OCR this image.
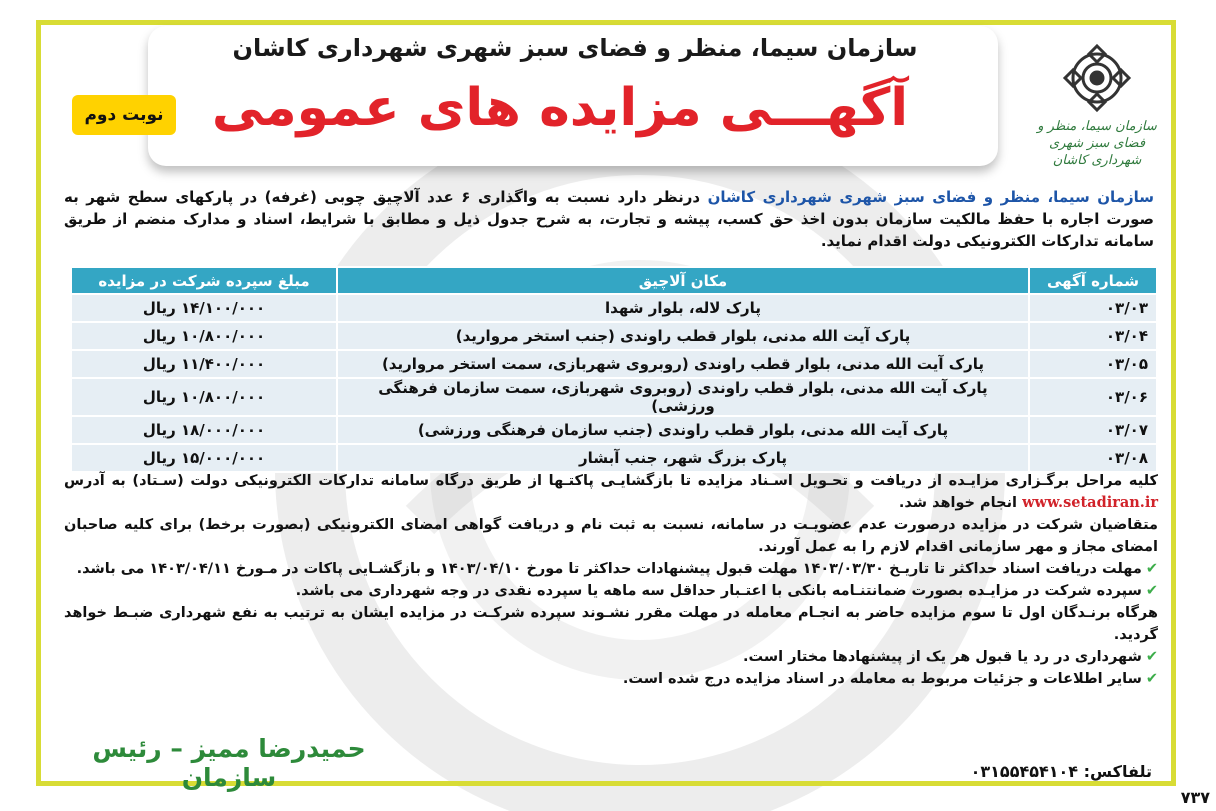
سازمان سیما، منظر و فضای سبز شهری شهرداری کاشان
آگهـــی مزایده های عمومی
نوبت دوم
سازمان سیما، منظر و فضای سبز شهری
شهرداری کاشان
سازمان سیما، منظر و فضای سبز شهری شهرداری کاشان درنظر دارد نسبت به واگذاری ۶ عدد آلاچیق چوبی (غرفه) در پارکهای سطح شهر به صورت اجاره با حفظ مالکیت سازمان بدون اخذ حق کسب، پیشه و تجارت، به شرح جدول ذیل و مطابق با شرایط، اسناد و مدارک منضم از طریق سامانه تدارکات الکترونیکی دولت اقدام نماید.
شماره آگهی	مکان آلاچیق	مبلغ سپرده شرکت در مزایده
۰۳/۰۳	پارک لاله، بلوار شهدا	۱۴/۱۰۰/۰۰۰ ریال
۰۳/۰۴	پارک آیت الله مدنی، بلوار قطب راوندی (جنب استخر مروارید)	۱۰/۸۰۰/۰۰۰ ریال
۰۳/۰۵	پارک آیت الله مدنی، بلوار قطب راوندی (روبروی شهربازی، سمت استخر مروارید)	۱۱/۴۰۰/۰۰۰ ریال
۰۳/۰۶	پارک آیت الله مدنی، بلوار قطب راوندی (روبروی شهربازی، سمت سازمان فرهنگی ورزشی)	۱۰/۸۰۰/۰۰۰ ریال
۰۳/۰۷	پارک آیت الله مدنی، بلوار قطب راوندی (جنب سازمان فرهنگی ورزشی)	۱۸/۰۰۰/۰۰۰ ریال
۰۳/۰۸	پارک بزرگ شهر، جنب آبشار	۱۵/۰۰۰/۰۰۰ ریال

کلیه مراحل برگـزاری مزایـده از دریافت و تحـویل اسـناد مزایده تا بازگشایـی پاکتـها از طریق درگاه سامانه تدارکات الکترونیکی دولت (سـتاد) به آدرس www.setadiran.ir انجام خواهد شد.

متقاضیان شرکت در مزایده درصورت عدم عضویـت در سامانه، نسبت به ثبت نام و دریافت گواهی امضای الکترونیکی (بصورت برخط) برای کلیه صاحبان امضای مجاز و مهر سازمانی اقدام لازم را به عمل آورند.

✔مهلت دریافت اسناد حداکثر تا تاریـخ ۱۴۰۳/۰۳/۳۰ مهلت قبول پیشنهادات حداکثر تا مورخ ۱۴۰۳/۰۴/۱۰ و بازگشـایی پاکات در مـورخ ۱۴۰۳/۰۴/۱۱ می باشد.

✔سپرده شرکت در مزایـده بصورت ضمانتنـامه بانکی با اعتـبار حداقل سه ماهه یا سپرده نقدی در وجه شهرداری می باشد.

هرگاه برنـدگان اول تا سوم مزایده حاضر به انجـام معامله در مهلت مقرر نشـوند سپرده شرکـت در مزایده ایشان به ترتیب به نفع شهرداری ضبـط خواهد گردید.

✔شهرداری در رد یا قبول هر یک از پیشنهادها مختار است.

✔سایر اطلاعات و جزئیات مربوط به معامله در اسناد مزایده درج شده است.

تلفاکس: ۰۳۱۵۵۴۵۴۱۰۴
حمیدرضا ممیز – رئیس سازمان
۷۳۷
